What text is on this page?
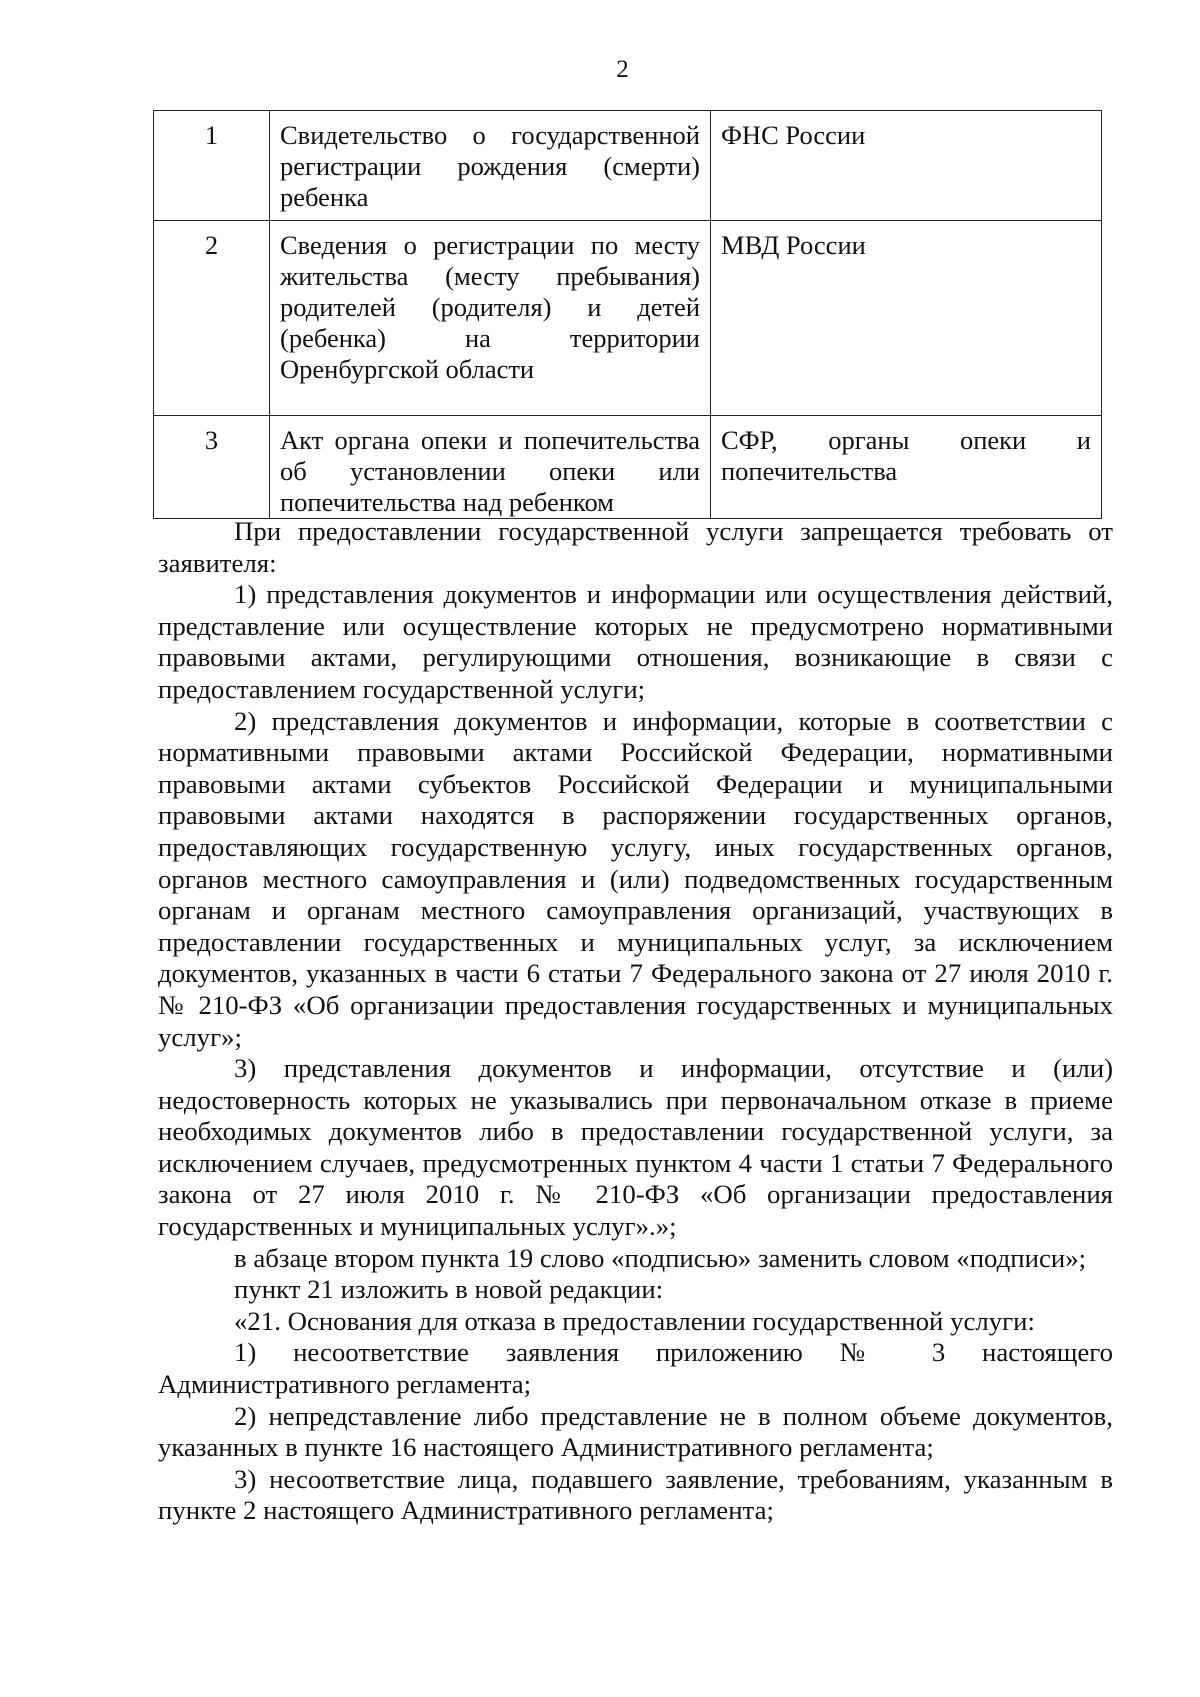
2
1	Свидетельство о государственной регистрации рождения (смерти) ребенка	ФНС России
2	Сведения о регистрации по месту жительства (месту пребывания) родителей (родителя) и детей (ребенка) на территории Оренбургской области	МВД России
3	Акт органа опеки и попечительства об установлении опеки или попечительства над ребенком	СФР, органы опеки и попечительства

При предоставлении государственной услуги запрещается требовать от заявителя:

1) представления документов и информации или осуществления действий, представление или осуществление которых не предусмотрено нормативными правовыми актами, регулирующими отношения, возникающие в связи с предоставлением государственной услуги;

2) представления документов и информации, которые в соответствии с нормативными правовыми актами Российской Федерации, нормативными правовыми актами субъектов Российской Федерации и муниципальными правовыми актами находятся в распоряжении государственных органов, предоставляющих государственную услугу, иных государственных органов, органов местного самоуправления и (или) подведомственных государственным органам и органам местного самоуправления организаций, участвующих в предоставлении государственных и муниципальных услуг, за исключением документов, указанных в части 6 статьи 7 Федерального закона от 27 июля 2010 г. № 210-ФЗ «Об организации предоставления государственных и муниципальных услуг»;

3) представления документов и информации, отсутствие и (или) недостоверность которых не указывались при первоначальном отказе в приеме необходимых документов либо в предоставлении государственной услуги, за исключением случаев, предусмотренных пунктом 4 части 1 статьи 7 Федерального закона от 27 июля 2010 г. № 210-ФЗ «Об организации предоставления государственных и муниципальных услуг».»;

в абзаце втором пункта 19 слово «подписью» заменить словом «подписи»;

пункт 21 изложить в новой редакции:

«21. Основания для отказа в предоставлении государственной услуги:

1) несоответствие заявления приложению № 3 настоящего Административного регламента;

2) непредставление либо представление не в полном объеме документов, указанных в пункте 16 настоящего Административного регламента;

3) несоответствие лица, подавшего заявление, требованиям, указанным в пункте 2 настоящего Административного регламента;
